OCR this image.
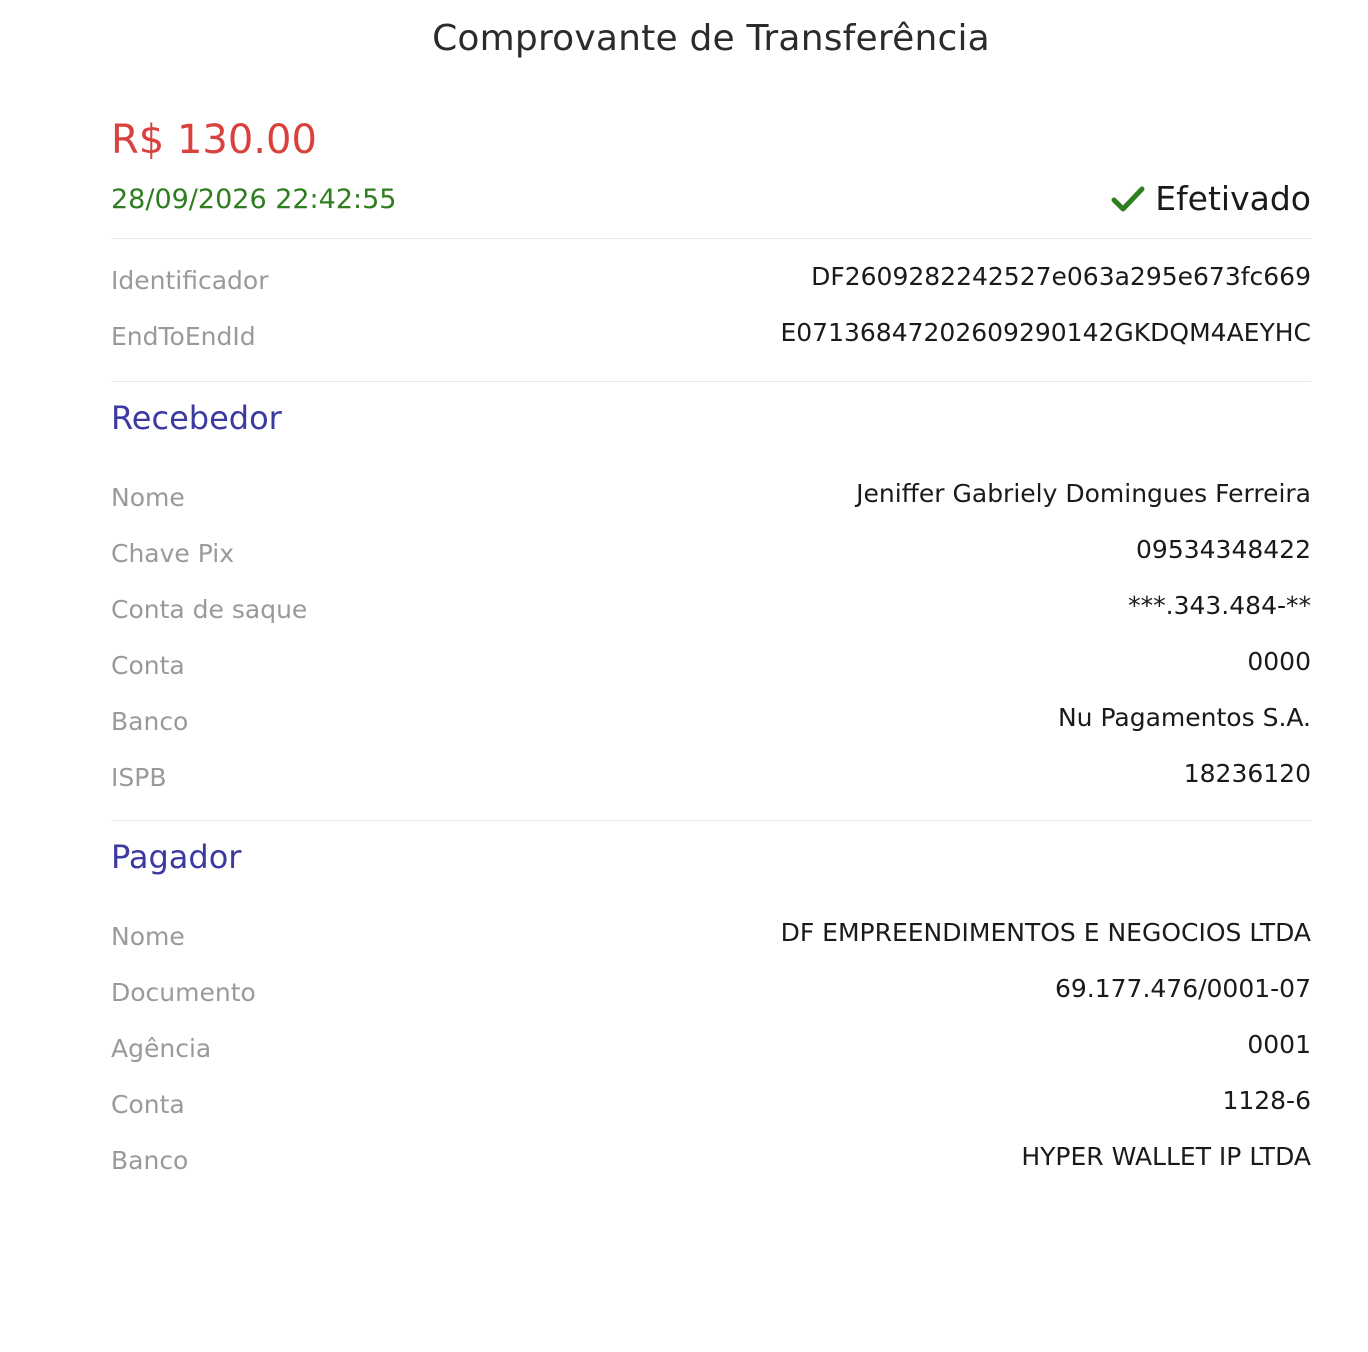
Comprovante de Transferência
R$ 130.00
28/09/2026 22:42:55	Efetivado
Identificador	DF2609282242527e063a295e673fc669
EndToEndId	E07136847202609290142GKDQM4AEYHC
Recebedor
Nome	Jeniffer Gabriely Domingues Ferreira
Chave Pix	09534348422
Conta de saque	***.343.484-**
Conta	0000
Banco	Nu Pagamentos S.A.
ISPB	18236120
Pagador
Nome	DF EMPREENDIMENTOS E NEGOCIOS LTDA
Documento	69.177.476/0001-07
Agência	0001
Conta	1128-6
Banco	HYPER WALLET IP LTDA
